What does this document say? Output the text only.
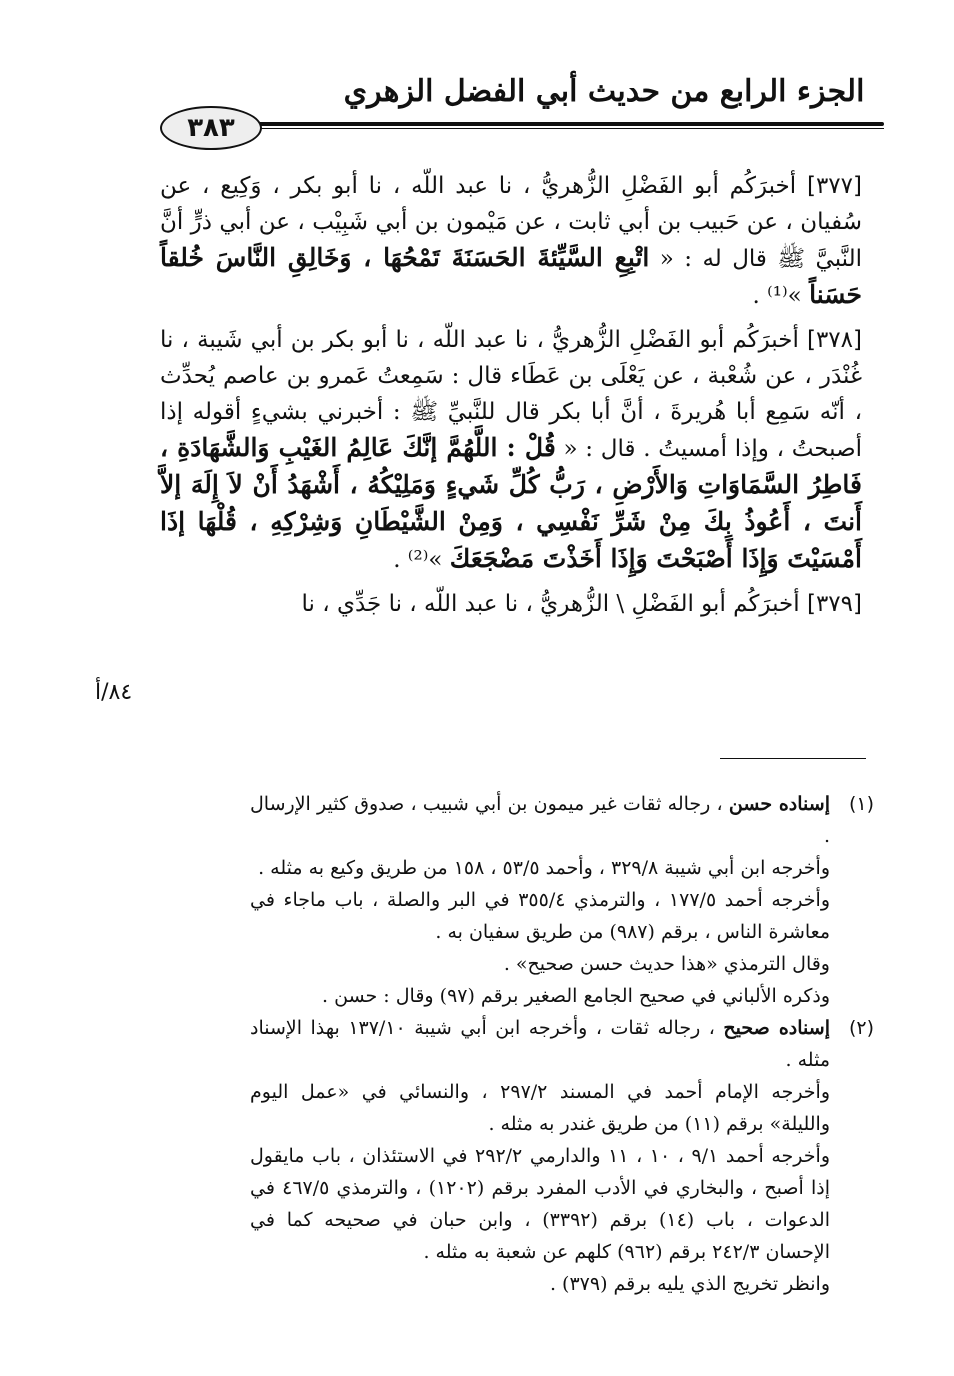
الجزء الرابع من حديث أبي الفضل الزهري
٣٨٣

[٣٧٧] أخبرَكُم أبو الفَضْلِ الزُّهريُّ ، نا عبد اللّه ، نا أبو بكر ، وَكِيع ، عن سُفيان ، عن حَبيب بن أبي ثابت ، عن مَيْمون بن أبي شَبِيْب ، عن أبي ذرٍّ أنَّ النَّبيَّ ﷺ قال له : « اتْبِعِ السَّيِّئةَ الحَسَنَةَ تَمْحُهَا ، وَخَالِقِ النَّاسَ خُلقاً حَسَناً »⁽¹⁾ .

[٣٧٨] أخبرَكُم أبو الفَضْلِ الزُّهريُّ ، نا عبد اللّه ، نا أبو بكر بن أبي شَيبة ، نا غُنْدَر ، عن شُعْبة ، عن يَعْلَى بن عَطَاء قال : سَمِعتُ عَمرو بن عاصم يُحدِّث ، أنّه سَمِع أبا هُريرةَ ، أنَّ أبا بكر قال للنَّبيِّ ﷺ : أخبرني بشيءٍ أقوله إذا أصبحتُ ، وإذا أمسيتُ . قال : « قُلْ : اللَّهُمَّ إنَّكَ عَالِمُ الغَيْبِ وَالشَّهَادَةِ ، فَاطِرُ السَّمَاوَاتِ وَالأَرْضِ ، رَبُّ كُلِّ شَيءٍ وَمَلِيْكُهُ ، أَشْهَدُ أَنْ لاَ إِلَهَ إلاَّ أَنتَ ، أَعُوذُ بِكَ مِنْ شَرِّ نَفْسِي ، وَمِنْ الشَّيْطَانِ وَشِرْكِهِ ، قُلْهَا إذَا أَمْسَيْتَ وَإِذَا أَصْبَحْتَ وَإِذَا أَخَذْتَ مَضْجَعَكَ »⁽²⁾ .

[٣٧٩] أخبرَكُم أبو الفَضْلِ \ الزُّهريُّ ، نا عبد اللّه ، نا جَدِّي ، نا

٨٤/أ
(١)

إسناده حسن ، رجاله ثقات غير ميمون بن أبي شبيب ، صدوق كثير الإرسال .

وأخرجه ابن أبي شيبة ٣٢٩/٨ ، وأحمد ٥٣/٥ ، ١٥٨ من طريق وكيع به مثله .

وأخرجه أحمد ١٧٧/٥ ، والترمذي ٣٥٥/٤ في البر والصلة ، باب ماجاء في معاشرة الناس ، برقم (٩٨٧) من طريق سفيان به .

وقال الترمذي «هذا حديث حسن صحيح» .

وذكره الألباني في صحيح الجامع الصغير برقم (٩٧) وقال : حسن .

(٢)

إسناده صحيح ، رجاله ثقات ، وأخرجه ابن أبي شيبة ١٣٧/١٠ بهذا الإسناد مثله .

وأخرجه الإمام أحمد في المسند ٢٩٧/٢ ، والنسائي في «عمل اليوم والليلة» برقم (١١) من طريق غندر به مثله .

وأخرجه أحمد ٩/١ ، ١٠ ، ١١ والدارمي ٢٩٢/٢ في الاستئذان ، باب مايقول إذا أصبح ، والبخاري في الأدب المفرد برقم (١٢٠٢) ، والترمذي ٤٦٧/٥ في الدعوات ، باب (١٤) برقم (٣٣٩٢) ، وابن حبان في صحيحه كما في الإحسان ٢٤٢/٣ برقم (٩٦٢) كلهم عن شعبة به مثله .

وانظر تخريج الذي يليه برقم (٣٧٩) .
